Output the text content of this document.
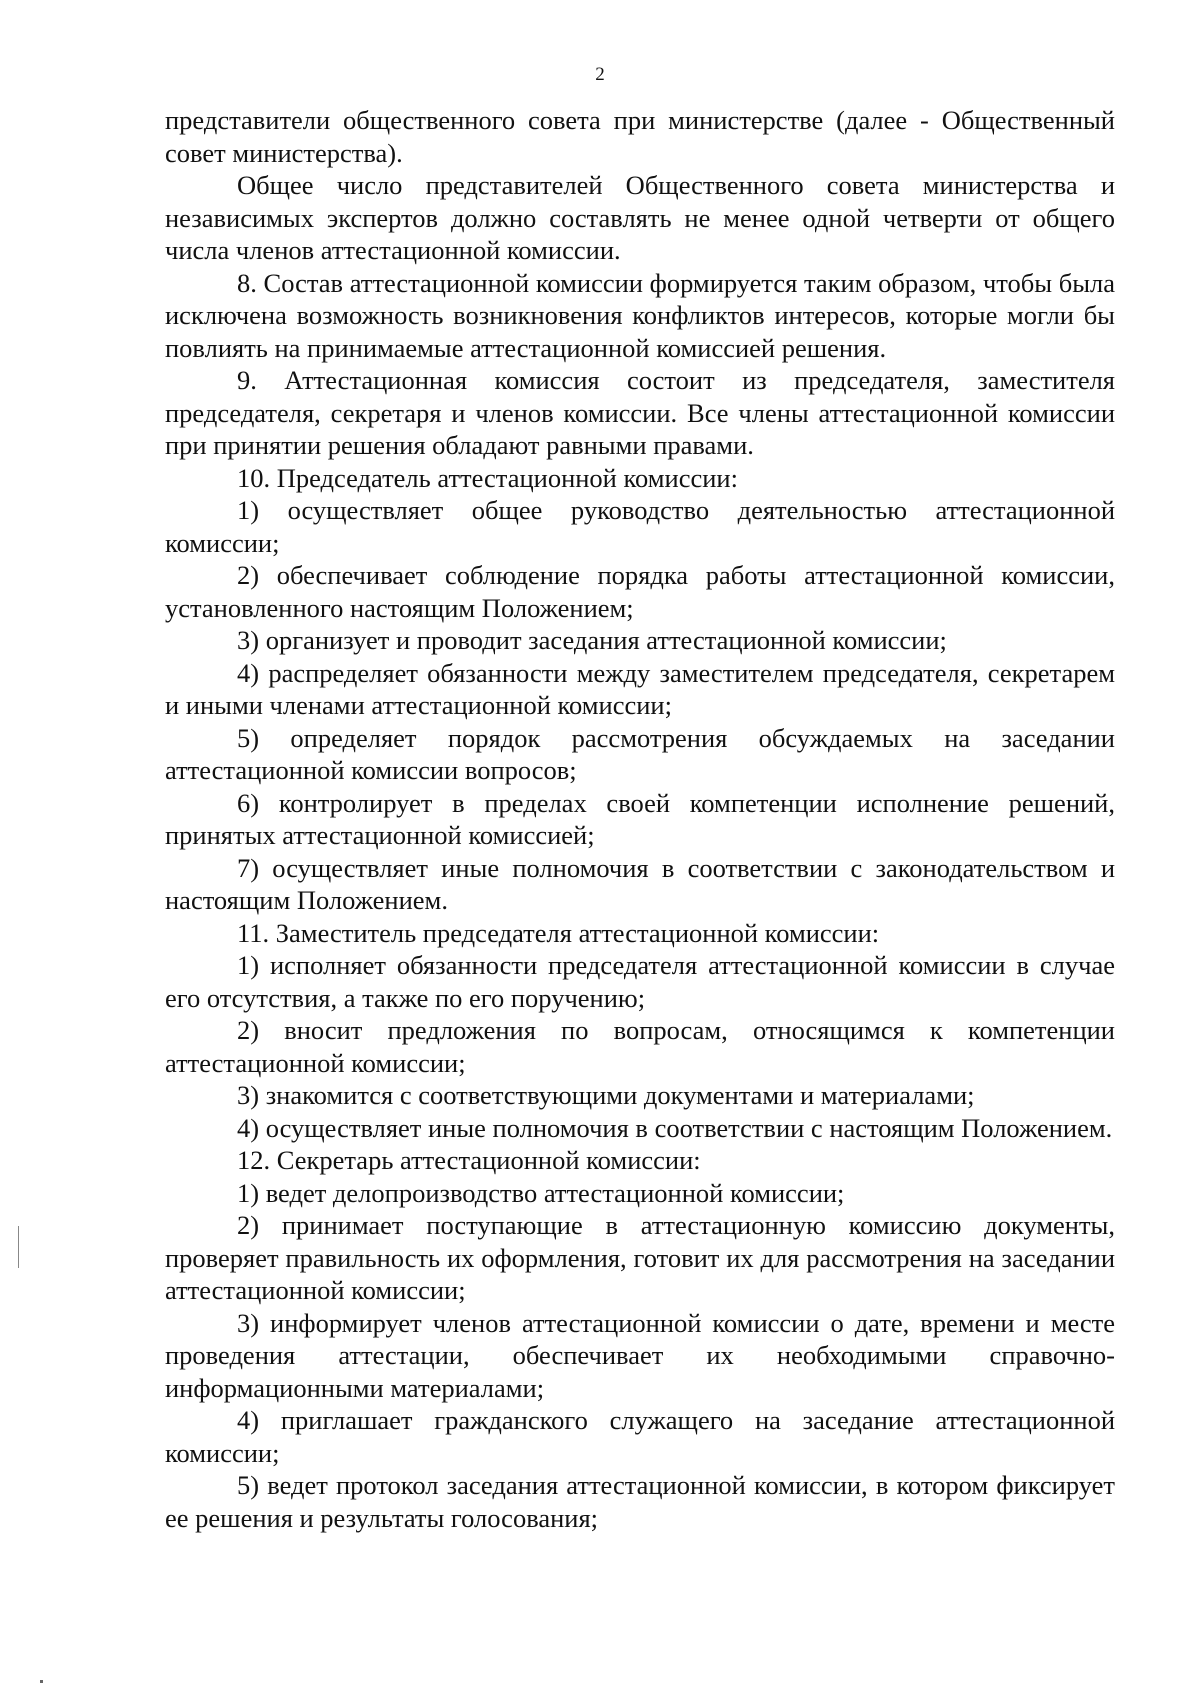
2

представители общественного совета при министерстве (далее - Общественный совет министерства).

Общее число представителей Общественного совета министерства и независимых экспертов должно составлять не менее одной четверти от общего числа членов аттестационной комиссии.

8. Состав аттестационной комиссии формируется таким образом, чтобы была исключена возможность возникновения конфликтов интересов, которые могли бы повлиять на принимаемые аттестационной комиссией решения.

9. Аттестационная комиссия состоит из председателя, заместителя председателя, секретаря и членов комиссии. Все члены аттестационной комиссии при принятии решения обладают равными правами.

10. Председатель аттестационной комиссии:

1) осуществляет общее руководство деятельностью аттестационной комиссии;

2) обеспечивает соблюдение порядка работы аттестационной комиссии, установленного настоящим Положением;

3) организует и проводит заседания аттестационной комиссии;

4) распределяет обязанности между заместителем председателя, секретарем и иными членами аттестационной комиссии;

5) определяет порядок рассмотрения обсуждаемых на заседании аттестационной комиссии вопросов;

6) контролирует в пределах своей компетенции исполнение решений, принятых аттестационной комиссией;

7) осуществляет иные полномочия в соответствии с законодательством и настоящим Положением.

11. Заместитель председателя аттестационной комиссии:

1) исполняет обязанности председателя аттестационной комиссии в случае его отсутствия, а также по его поручению;

2) вносит предложения по вопросам, относящимся к компетенции аттестационной комиссии;

3) знакомится с соответствующими документами и материалами;

4) осуществляет иные полномочия в соответствии с настоящим Положением.

12. Секретарь аттестационной комиссии:

1) ведет делопроизводство аттестационной комиссии;

2) принимает поступающие в аттестационную комиссию документы, проверяет правильность их оформления, готовит их для рассмотрения на заседании аттестационной комиссии;

3) информирует членов аттестационной комиссии о дате, времени и месте проведения аттестации, обеспечивает их необходимыми справочно-информационными материалами;

4) приглашает гражданского служащего на заседание аттестационной комиссии;

5) ведет протокол заседания аттестационной комиссии, в котором фиксирует ее решения и результаты голосования;
